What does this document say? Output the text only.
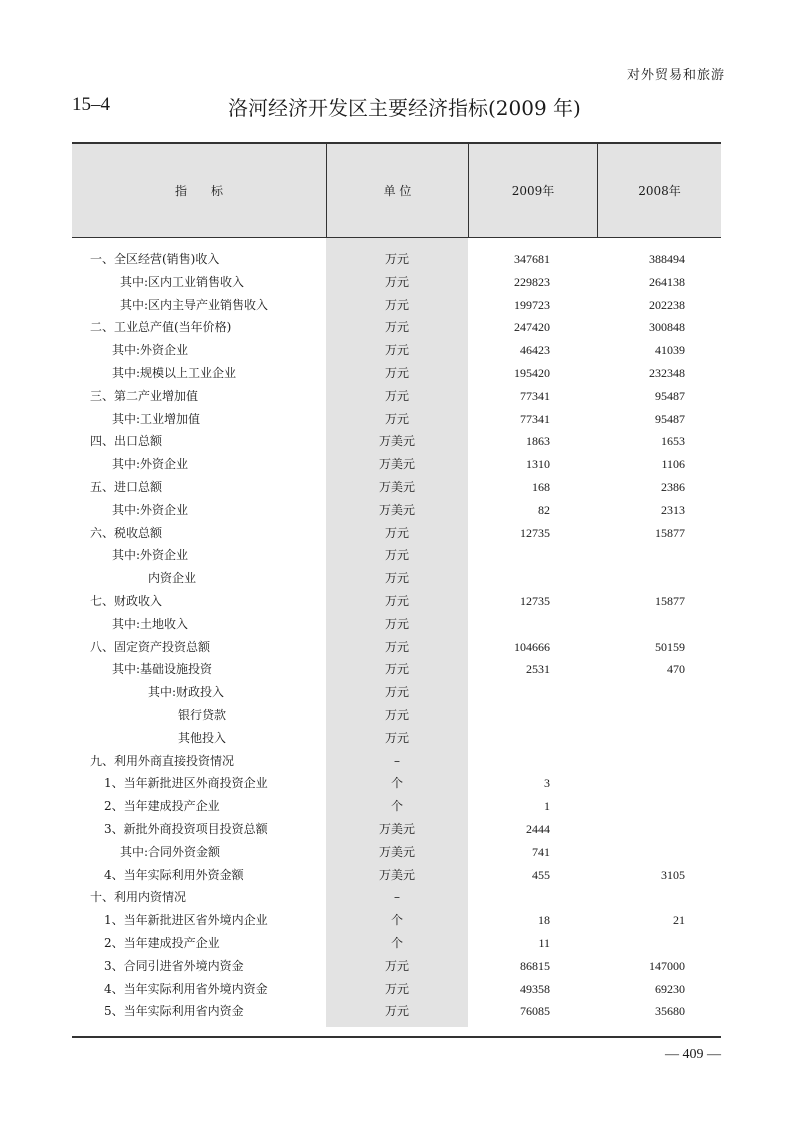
对外贸易和旅游
15–4	洛河经济开发区主要经济指标(2009 年)
指　　标	单 位	2009年	2008年
一、全区经营(销售)收入	万元	347681	388494
其中:区内工业销售收入	万元	229823	264138
其中:区内主导产业销售收入	万元	199723	202238
二、工业总产值(当年价格)	万元	247420	300848
其中:外资企业	万元	46423	41039
其中:规模以上工业企业	万元	195420	232348
三、第二产业增加值	万元	77341	95487
其中:工业增加值	万元	77341	95487
四、出口总额	万美元	1863	1653
其中:外资企业	万美元	1310	1106
五、进口总额	万美元	168	2386
其中:外资企业	万美元	82	2313
六、税收总额	万元	12735	15877
其中:外资企业	万元
内资企业	万元
七、财政收入	万元	12735	15877
其中:土地收入	万元
八、固定资产投资总额	万元	104666	50159
其中:基础设施投资	万元	2531	470
其中:财政投入	万元
银行贷款	万元
其他投入	万元
九、利用外商直接投资情况	–
1、当年新批进区外商投资企业	个	3
2、当年建成投产企业	个	1
3、新批外商投资项目投资总额	万美元	2444
其中:合同外资金额	万美元	741
4、当年实际利用外资金额	万美元	455	3105
十、利用内资情况	–
1、当年新批进区省外境内企业	个	18	21
2、当年建成投产企业	个	11
3、合同引进省外境内资金	万元	86815	147000
4、当年实际利用省外境内资金	万元	49358	69230
5、当年实际利用省内资金	万元	76085	35680
— 409 —
